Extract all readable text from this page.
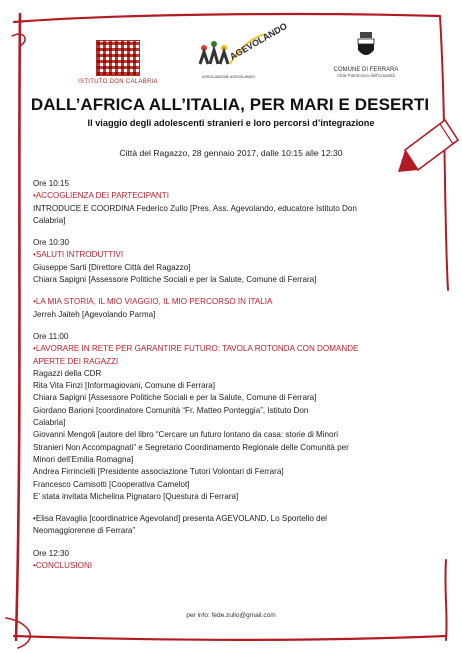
ISTITUTO DON CALABRIA
AGEVOLANDO
ASSOCIAZIONE AGEVOLANDO
COMUNE DI FERRARA
Città Patrimonio dell'Umanità
DALL’AFRICA ALL’ITALIA, PER MARI E DESERTI
Il viaggio degli adolescenti stranieri e loro percorsi d’integrazione
Città del Ragazzo, 28 gennaio 2017, dalle 10:15 alle 12:30

Ore 10:15

•ACCOGLIENZA DEI PARTECIPANTI

INTRODUCE E COORDINA Federico Zullo [Pres. Ass. Agevolando, educatore Istituto Don

Calabria]

Ore 10:30

•SALUTI INTRODUTTIVI

Giuseppe Sarti [Direttore Città del Ragazzo]

Chiara Sapigni [Assessore Politiche Sociali e per la Salute, Comune di Ferrara]

•LA MIA STORIA, IL MIO VIAGGIO, IL MIO PERCORSO IN ITALIA

Jerreh Jaiteh [Agevolando Parma]

Ore 11:00

•LAVORARE IN RETE PER GARANTIRE FUTURO: TAVOLA ROTONDA CON DOMANDE

APERTE DEI RAGAZZI

Ragazzi della CDR

Rita Vita Finzi [Informagiovani, Comune di Ferrara]

Chiara Sapigni [Assessore Politiche Sociali e per la Salute, Comune di Ferrara]

Giordano Barioni [coordinatore Comunità “Fr. Matteo Ponteggia”, Istituto Don

Calabria]

Giovanni Mengoli [autore del libro “Cercare un futuro lontano da casa: storie di Minori

Stranieri Non Accompagnati” e Segretario Coordinamento Regionale delle Comunità per

Minori dell’Emilia Romagna]

Andrea Firrincielli [Presidente associazione Tutori Volontari di Ferrara]

Francesco Camisotti [Cooperativa Camelot]

E’ stata invitata Michelina Pignataro [Questura di Ferrara]

•Elisa Ravaglia [coordinatrice Agevoland] presenta AGEVOLAND, Lo Sportello del

Neomaggiorenne di Ferrara”

Ore 12:30

•CONCLUSIONI

per info: fede.zullo@gmail.com
